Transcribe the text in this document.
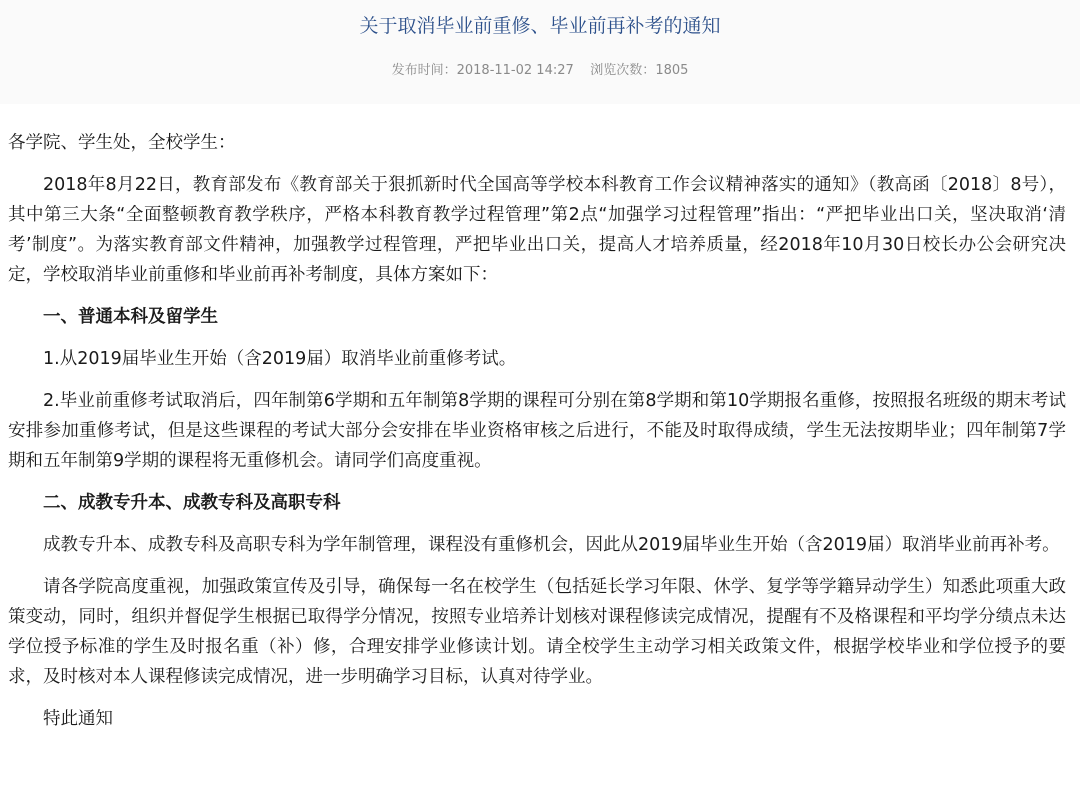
关于取消毕业前重修、毕业前再补考的通知
发布时间：2018-11-02 14:27 浏览次数：1805

各学院、学生处，全校学生：

2018年8月22日，教育部发布《教育部关于狠抓新时代全国高等学校本科教育工作会议精神落实的通知》（教高函〔2018〕8号），其中第三大条“全面整顿教育教学秩序，严格本科教育教学过程管理”第2点“加强学习过程管理”指出：“严把毕业出口关，坚决取消‘清考’制度”。为落实教育部文件精神，加强教学过程管理，严把毕业出口关，提高人才培养质量，经2018年10月30日校长办公会研究决定，学校取消毕业前重修和毕业前再补考制度，具体方案如下：

一、普通本科及留学生

1.从2019届毕业生开始（含2019届）取消毕业前重修考试。

2.毕业前重修考试取消后，四年制第6学期和五年制第8学期的课程可分别在第8学期和第10学期报名重修，按照报名班级的期末考试安排参加重修考试，但是这些课程的考试大部分会安排在毕业资格审核之后进行，不能及时取得成绩，学生无法按期毕业；四年制第7学期和五年制第9学期的课程将无重修机会。请同学们高度重视。

二、成教专升本、成教专科及高职专科

成教专升本、成教专科及高职专科为学年制管理，课程没有重修机会，因此从2019届毕业生开始（含2019届）取消毕业前再补考。

请各学院高度重视，加强政策宣传及引导，确保每一名在校学生（包括延长学习年限、休学、复学等学籍异动学生）知悉此项重大政策变动，同时，组织并督促学生根据已取得学分情况，按照专业培养计划核对课程修读完成情况，提醒有不及格课程和平均学分绩点未达学位授予标准的学生及时报名重（补）修，合理安排学业修读计划。请全校学生主动学习相关政策文件，根据学校毕业和学位授予的要求，及时核对本人课程修读完成情况，进一步明确学习目标，认真对待学业。

特此通知
